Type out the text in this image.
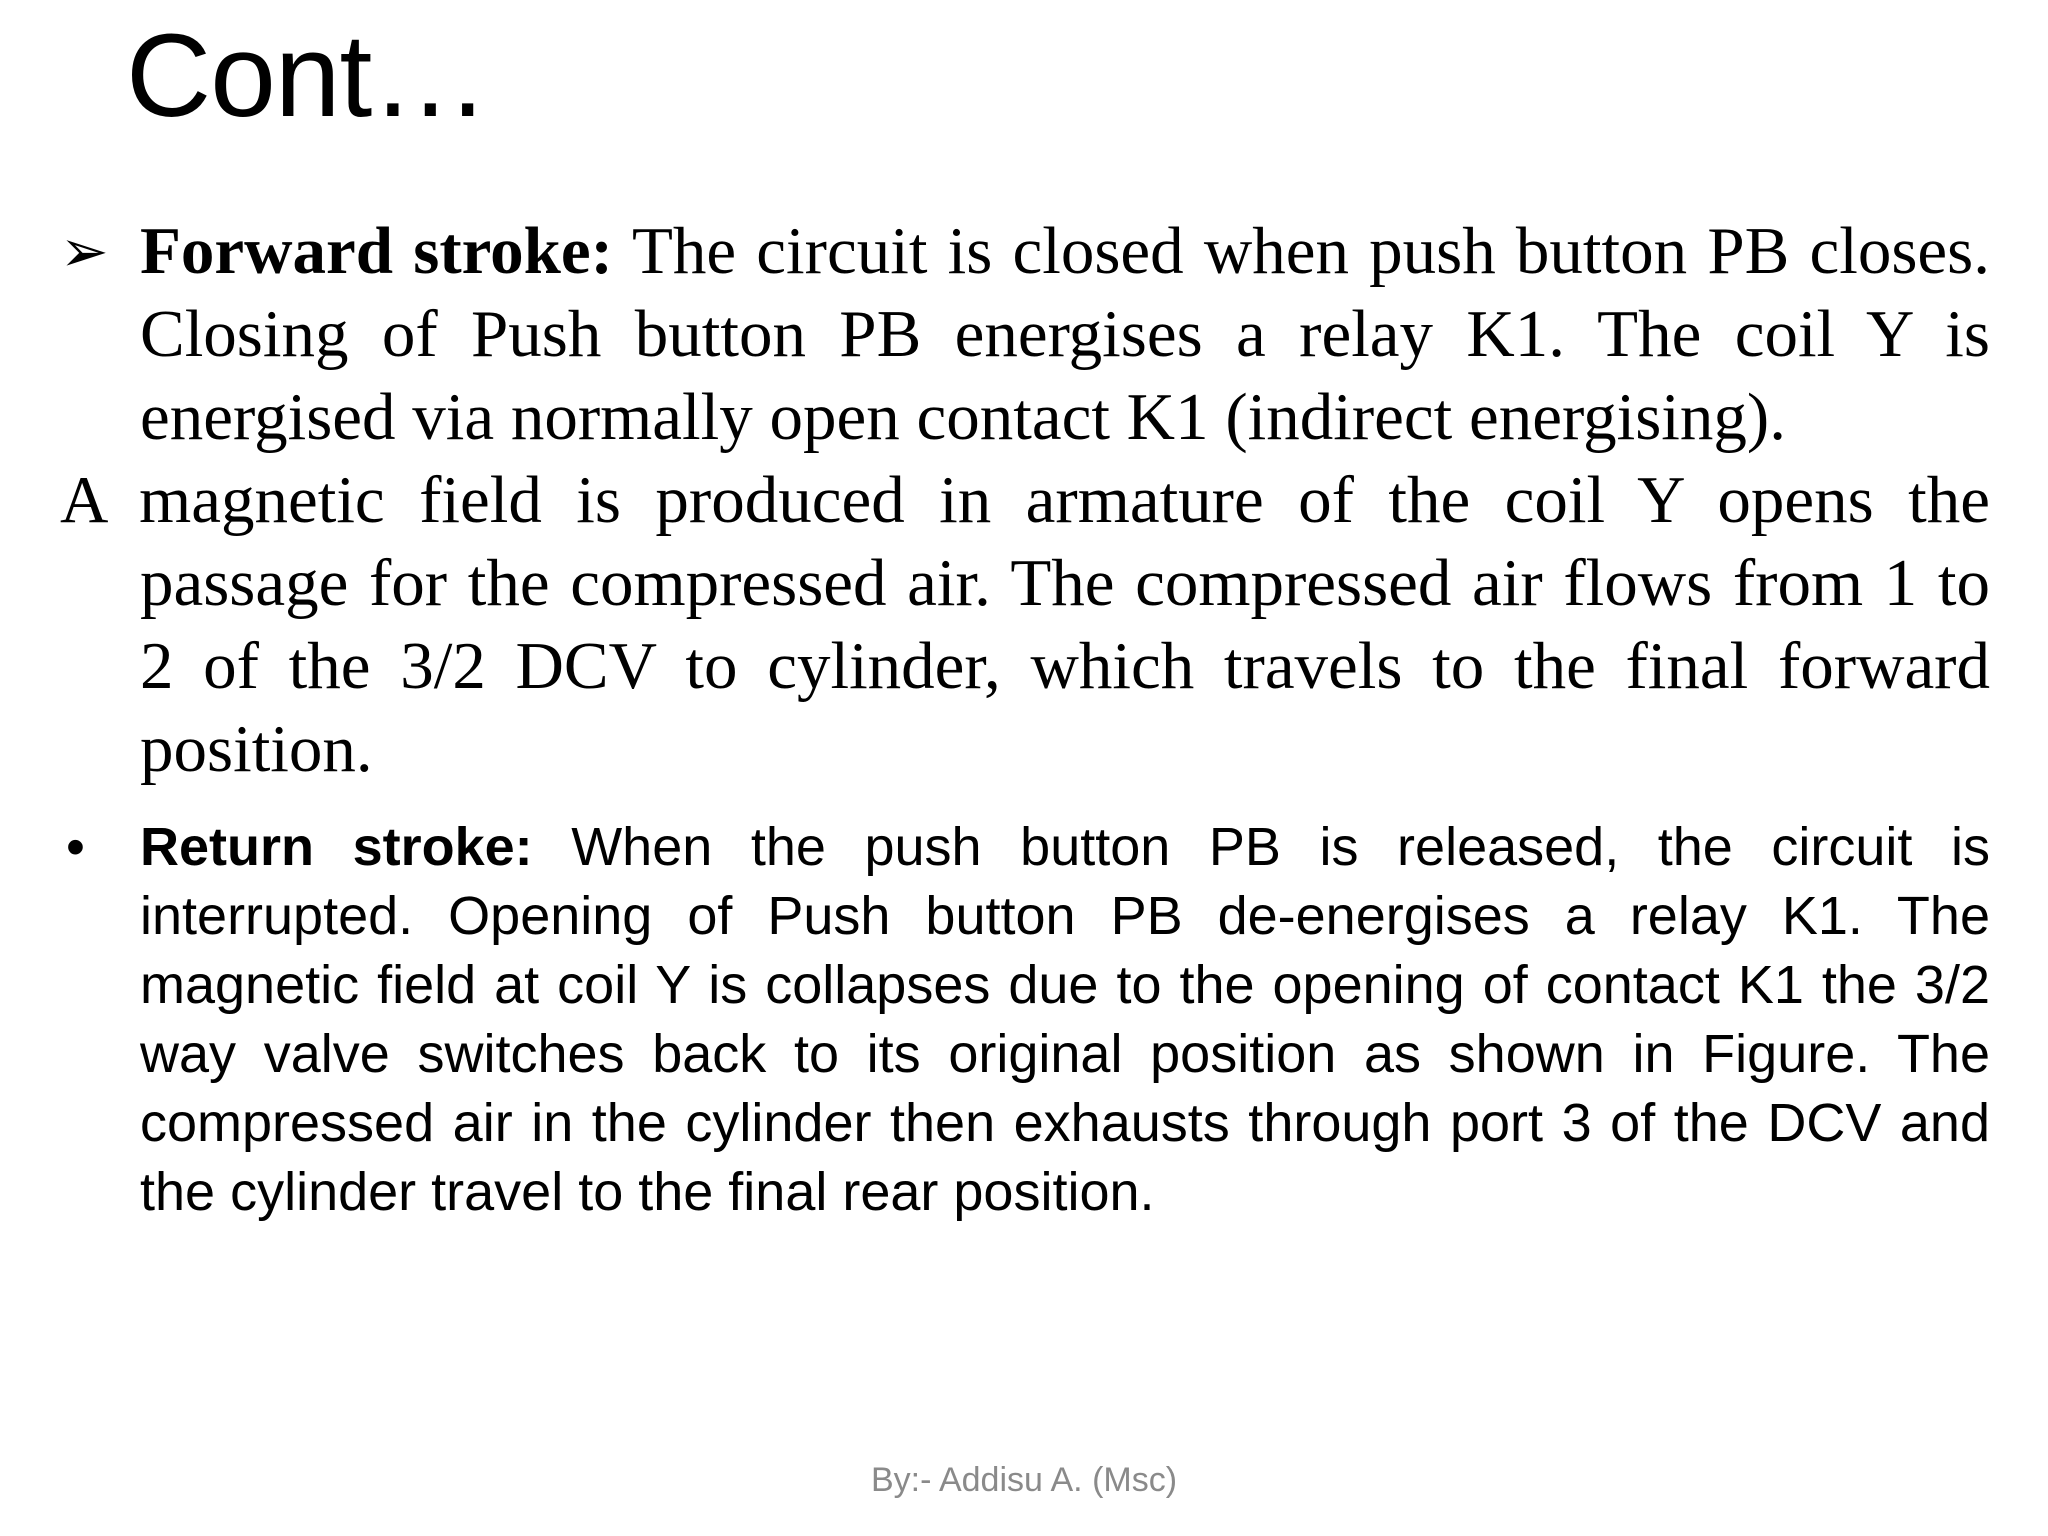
Cont…
➢ Forward stroke: The circuit is closed when push button PB closes. Closing of Push button PB energises a relay K1. The coil Y is energised via normally open contact K1 (indirect energising).
A magnetic field is produced in armature of the coil Y opens the passage for the compressed air. The compressed air flows from 1 to 2 of the 3/2 DCV to cylinder, which travels to the final forward position.
•	Return stroke: When the push button PB is released, the circuit is interrupted. Opening of Push button PB de-energises a relay K1. The magnetic field at coil Y is collapses due to the opening of contact K1 the 3/2 way valve switches back to its original position as shown in Figure. The compressed air in the cylinder then exhausts through port 3 of the DCV and the cylinder travel to the final rear position.
By:- Addisu A. (Msc)
